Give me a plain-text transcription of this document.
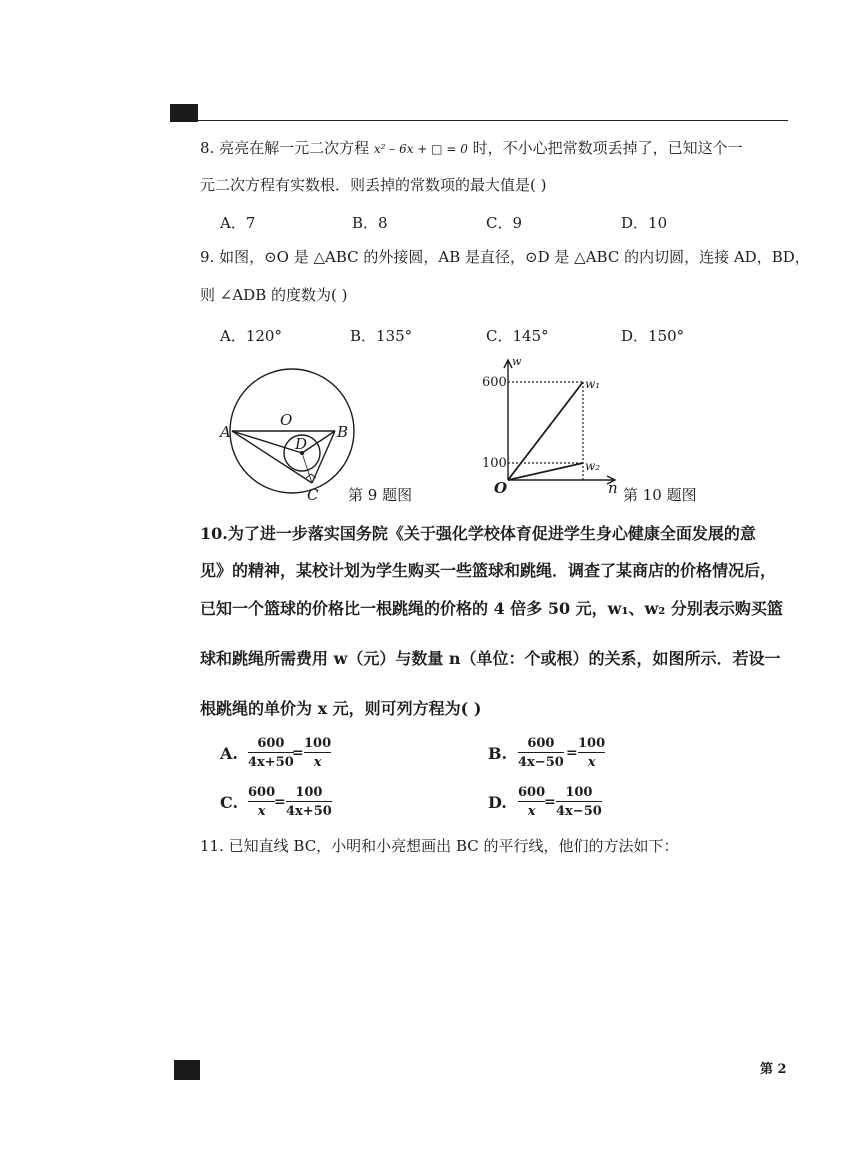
8. 亮亮在解一元二次方程 x² – 6x + □ = 0 时，不小心把常数项丢掉了，已知这个一
元二次方程有实数根．则丢掉的常数项的最大值是( )
A．7	B．8	C．9	D．10
9. 如图，⊙O 是 △ABC 的外接圆，AB 是直径，⊙D 是 △ABC 的内切圆，连接 AD，BD，
则 ∠ADB 的度数为( )
A．120°	B．135°	C．145°	D．150°
A	B
O
D
C 第 9 题图
w
600
100
w₁
w₂
O	n 第 10 题图
10.为了进一步落实国务院《关于强化学校体育促进学生身心健康全面发展的意
见》的精神，某校计划为学生购买一些篮球和跳绳．调查了某商店的价格情况后，
已知一个篮球的价格比一根跳绳的价格的 4 倍多 50 元，w₁、w₂ 分别表示购买篮
球和跳绳所需费用 w（元）与数量 n（单位：个或根）的关系，如图所示．若设一
根跳绳的单价为 x 元，则可列方程为( )
A.
600
4x+50
=
100
x	B.
600
4x−50
=
100
x
C.
600
x
=
100
4x+50	D.
600
x
=
100
4x−50
11. 已知直线 BC，小明和小亮想画出 BC 的平行线，他们的方法如下：
第 2
